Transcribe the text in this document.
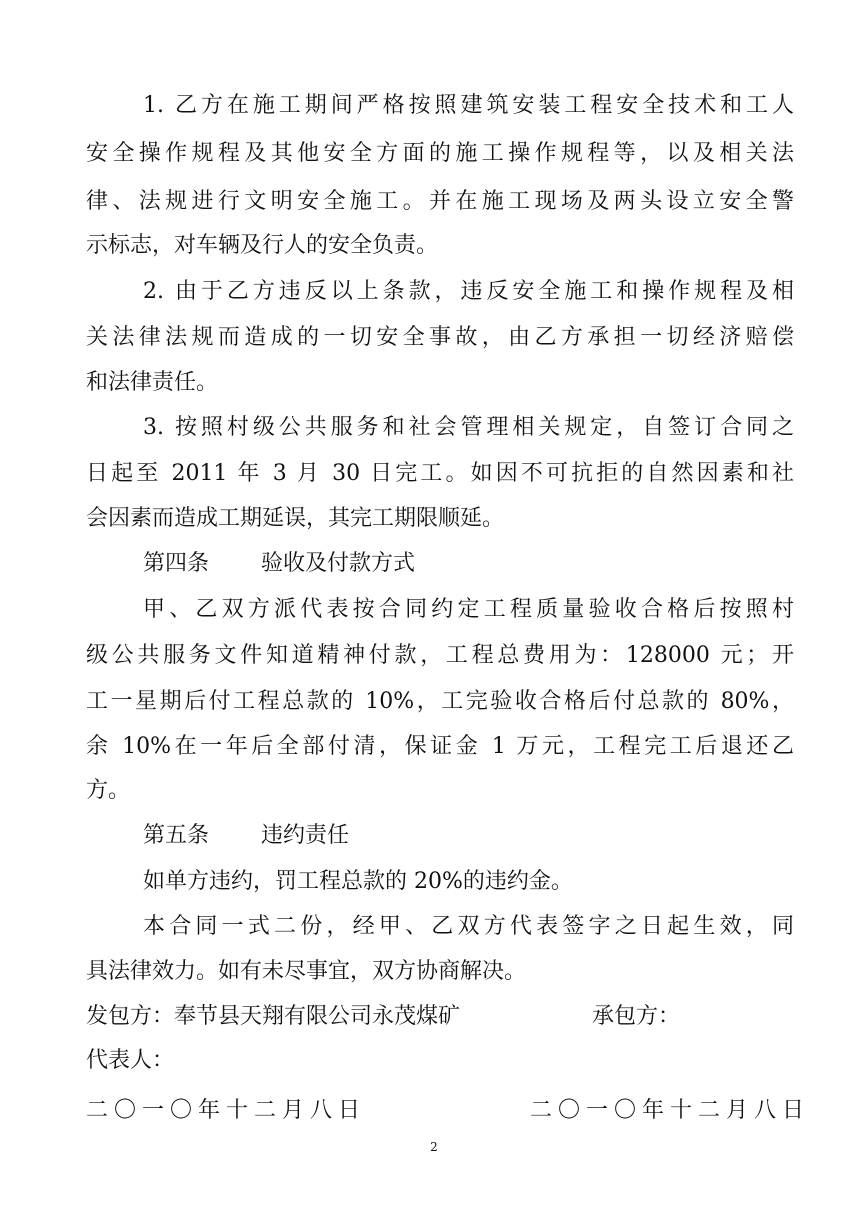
1. 乙方在施工期间严格按照建筑安装工程安全技术和工人
安全操作规程及其他安全方面的施工操作规程等，以及相关法
律、法规进行文明安全施工。并在施工现场及两头设立安全警
示标志，对车辆及行人的安全负责。
2. 由于乙方违反以上条款，违反安全施工和操作规程及相
关法律法规而造成的一切安全事故，由乙方承担一切经济赔偿
和法律责任。
3. 按照村级公共服务和社会管理相关规定，自签订合同之
日起至 2011 年 3 月 30 日完工。如因不可抗拒的自然因素和社
会因素而造成工期延误，其完工期限顺延。
第四条 验收及付款方式
甲、乙双方派代表按合同约定工程质量验收合格后按照村
级公共服务文件知道精神付款，工程总费用为：128000 元；开
工一星期后付工程总款的 10%，工完验收合格后付总款的 80%，
余 10%在一年后全部付清，保证金 1 万元，工程完工后退还乙
方。
第五条 违约责任
如单方违约，罚工程总款的 20%的违约金。
本合同一式二份，经甲、乙双方代表签字之日起生效，同
具法律效力。如有未尽事宜，双方协商解决。
发包方：奉节县天翔有限公司永茂煤矿	承包方：
代表人：
二〇一〇年十二月八日	二〇一〇年十二月八日
2
